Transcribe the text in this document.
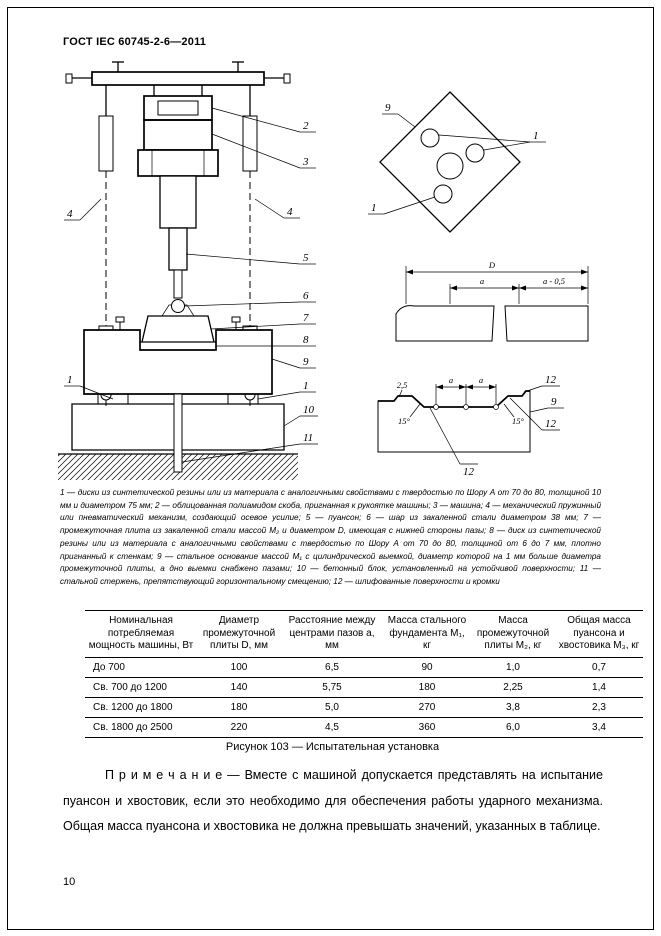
ГОСТ IEC 60745-2-6—2011
2
3
4
4
5
6
7
8
9
1
1
10
11
9
1
1
D
a	a - 0,5
a	a
2,5
15°	15°
12
9
12
12

1 — диски из синтетической резины или из материала с аналогичными свойствами с твердостью по Шору А от 70 до 80, толщиной 10 мм и диаметром 75 мм; 2 — облицованная полиамидом скоба, пригнанная к рукоятке машины; 3 — машина; 4 — механический пружинный или пневматический механизм, создающий осевое усилие; 5 — пуансон; 6 — шар из закаленной стали диаметром 38 мм; 7 — промежуточная плита из закаленной стали массой М₂ и диаметром D, имеющая с нижней стороны пазы; 8 — диск из синтетической резины или из материала с аналогичными свойствами с твердостью по Шору А от 70 до 80, толщиной от 6 до 7 мм, плотно пригнанный к стенкам; 9 — стальное основание массой М₁ с цилиндрической выемкой, диаметр которой на 1 мм больше диаметра промежуточной плиты, а дно выемки снабжено пазами; 10 — бетонный блок, установленный на устойчивой поверхности; 11 — стальной стержень, препятствующий горизонтальному смещению; 12 — шлифованные поверхности и кромки

Номинальная потребляемая мощность машины, Вт	Диаметр промежуточной плиты D, мм	Расстояние между центрами пазов а, мм	Масса стального фундамента М₁, кг	Масса промежуточной плиты М₂, кг	Общая масса пуансона и хвостовика М₃, кг
До 700	100	6,5	90	1,0	0,7
Св. 700 до 1200	140	5,75	180	2,25	1,4
Св. 1200 до 1800	180	5,0	270	3,8	2,3
Св. 1800 до 2500	220	4,5	360	6,0	3,4

Рисунок 103 — Испытательная установка

П р и м е ч а н и е — Вместе с машиной допускается представлять на испытание пуансон и хвостовик, если это необходимо для обеспечения работы ударного механизма. Общая масса пуансона и хвостовика не должна превышать значений, указанных в таблице.

10
